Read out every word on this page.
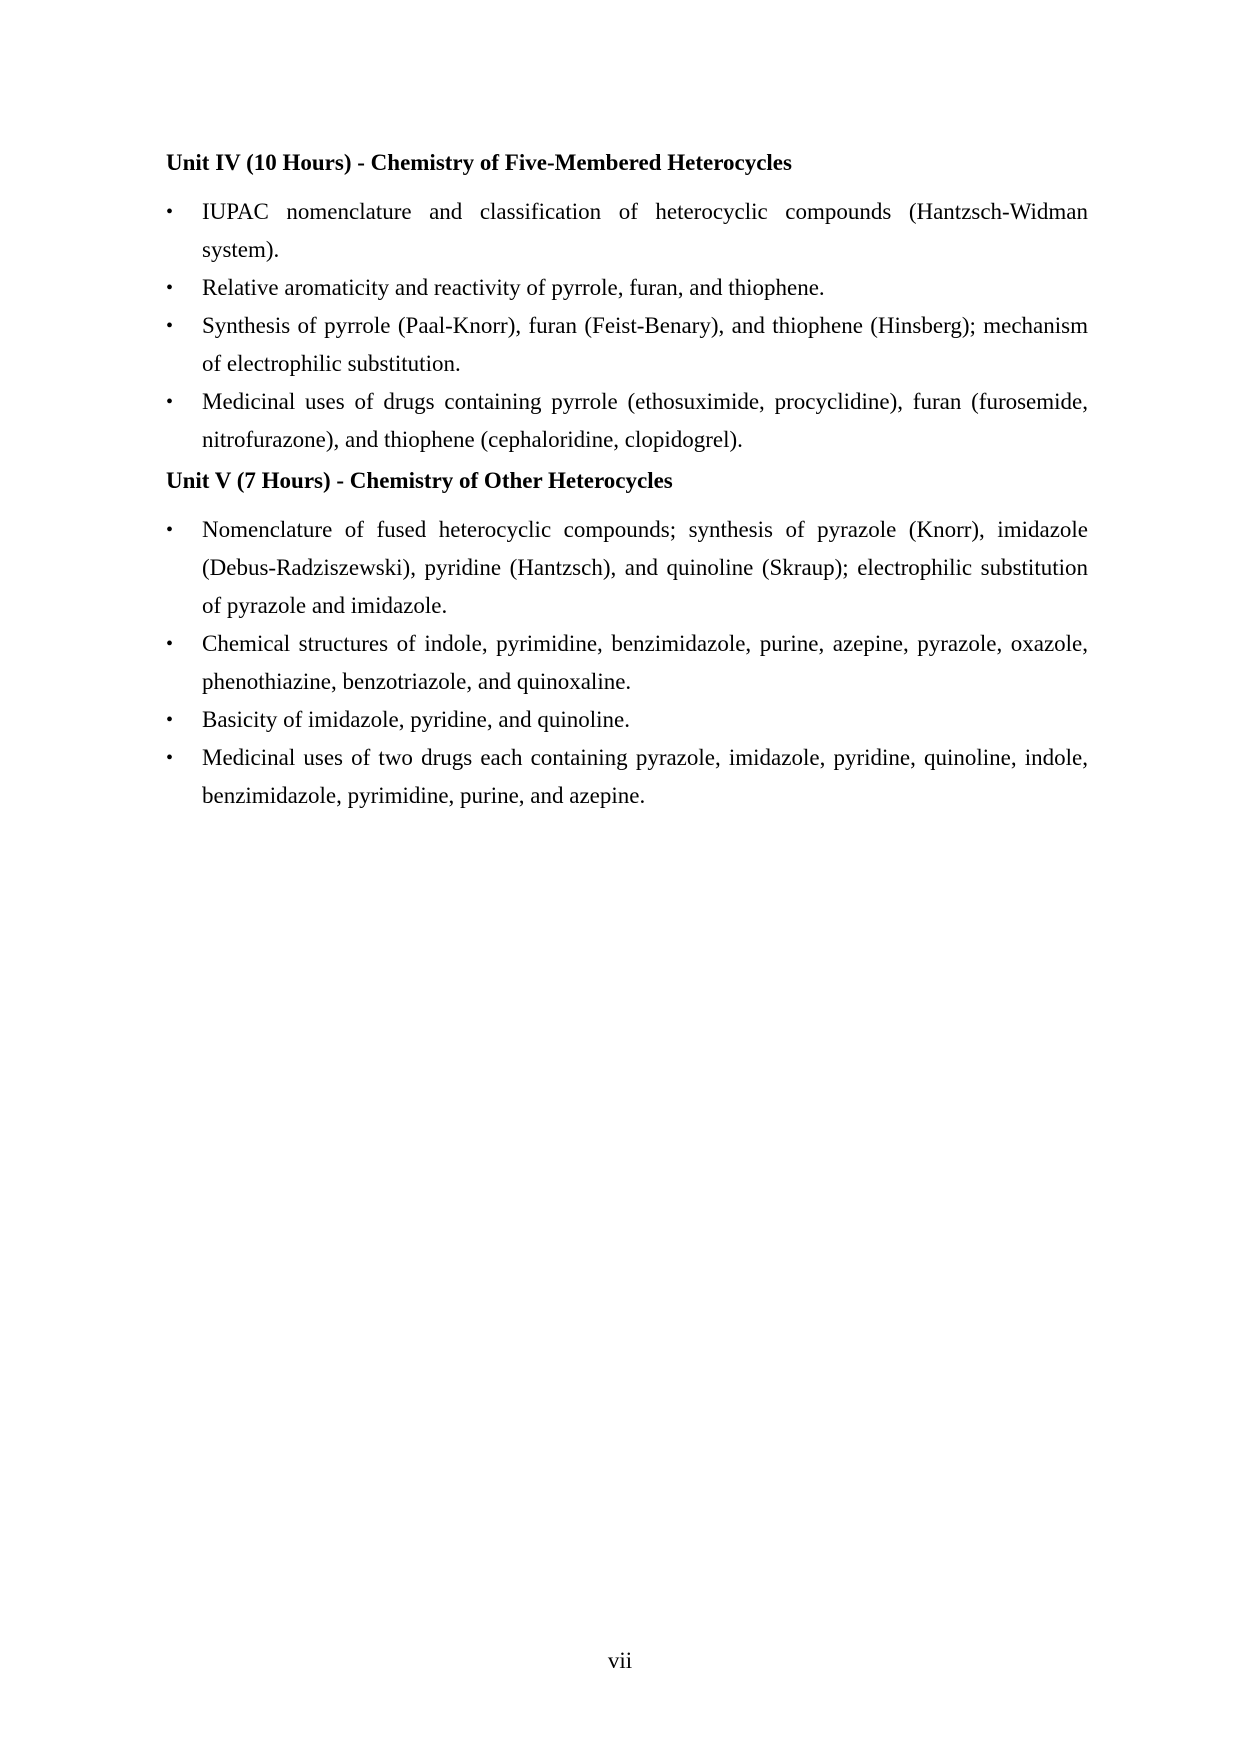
Unit IV (10 Hours) - Chemistry of Five-Membered Heterocycles
•	IUPAC nomenclature and classification of heterocyclic compounds (Hantzsch-Widman system).
•	Relative aromaticity and reactivity of pyrrole, furan, and thiophene.
•	Synthesis of pyrrole (Paal-Knorr), furan (Feist-Benary), and thiophene (Hinsberg); mechanism of electrophilic substitution.
•	Medicinal uses of drugs containing pyrrole (ethosuximide, procyclidine), furan (furosemide, nitrofurazone), and thiophene (cephaloridine, clopidogrel).
Unit V (7 Hours) - Chemistry of Other Heterocycles
•	Nomenclature of fused heterocyclic compounds; synthesis of pyrazole (Knorr), imidazole (Debus-Radziszewski), pyridine (Hantzsch), and quinoline (Skraup); electrophilic substitution of pyrazole and imidazole.
•	Chemical structures of indole, pyrimidine, benzimidazole, purine, azepine, pyrazole, oxazole, phenothiazine, benzotriazole, and quinoxaline.
•	Basicity of imidazole, pyridine, and quinoline.
•	Medicinal uses of two drugs each containing pyrazole, imidazole, pyridine, quinoline, indole, benzimidazole, pyrimidine, purine, and azepine.
vii
